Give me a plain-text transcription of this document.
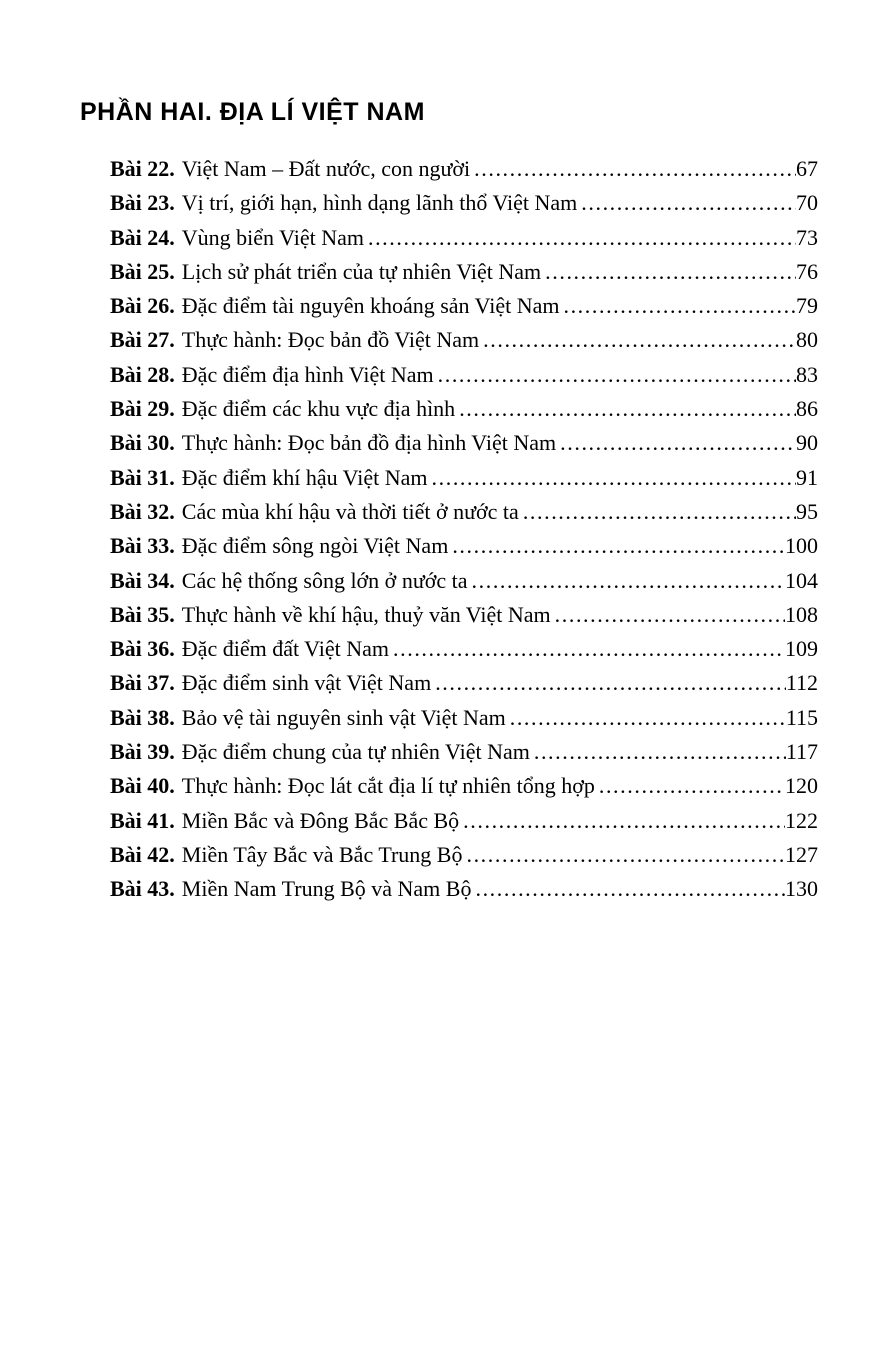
PHẦN HAI. ĐỊA LÍ VIỆT NAM
Bài 22. Việt Nam – Đất nước, con người .....	67
Bài 23. Vị trí, giới hạn, hình dạng lãnh thổ Việt Nam .....	70
Bài 24. Vùng biển Việt Nam .....	73
Bài 25. Lịch sử phát triển của tự nhiên Việt Nam .....	76
Bài 26. Đặc điểm tài nguyên khoáng sản Việt Nam .....	79
Bài 27. Thực hành: Đọc bản đồ Việt Nam .....	80
Bài 28. Đặc điểm địa hình Việt Nam .....	83
Bài 29. Đặc điểm các khu vực địa hình .....	86
Bài 30. Thực hành: Đọc bản đồ địa hình Việt Nam .....	90
Bài 31. Đặc điểm khí hậu Việt Nam .....	91
Bài 32. Các mùa khí hậu và thời tiết ở nước ta .....	95
Bài 33. Đặc điểm sông ngòi Việt Nam .....	100
Bài 34. Các hệ thống sông lớn ở nước ta .....	104
Bài 35. Thực hành về khí hậu, thuỷ văn Việt Nam .....	108
Bài 36. Đặc điểm đất Việt Nam .....	109
Bài 37. Đặc điểm sinh vật Việt Nam .....	112
Bài 38. Bảo vệ tài nguyên sinh vật Việt Nam .....	115
Bài 39. Đặc điểm chung của tự nhiên Việt Nam .....	117
Bài 40. Thực hành: Đọc lát cắt địa lí tự nhiên tổng hợp .....	120
Bài 41. Miền Bắc và Đông Bắc Bắc Bộ .....	122
Bài 42. Miền Tây Bắc và Bắc Trung Bộ .....	127
Bài 43. Miền Nam Trung Bộ và Nam Bộ .....	130
